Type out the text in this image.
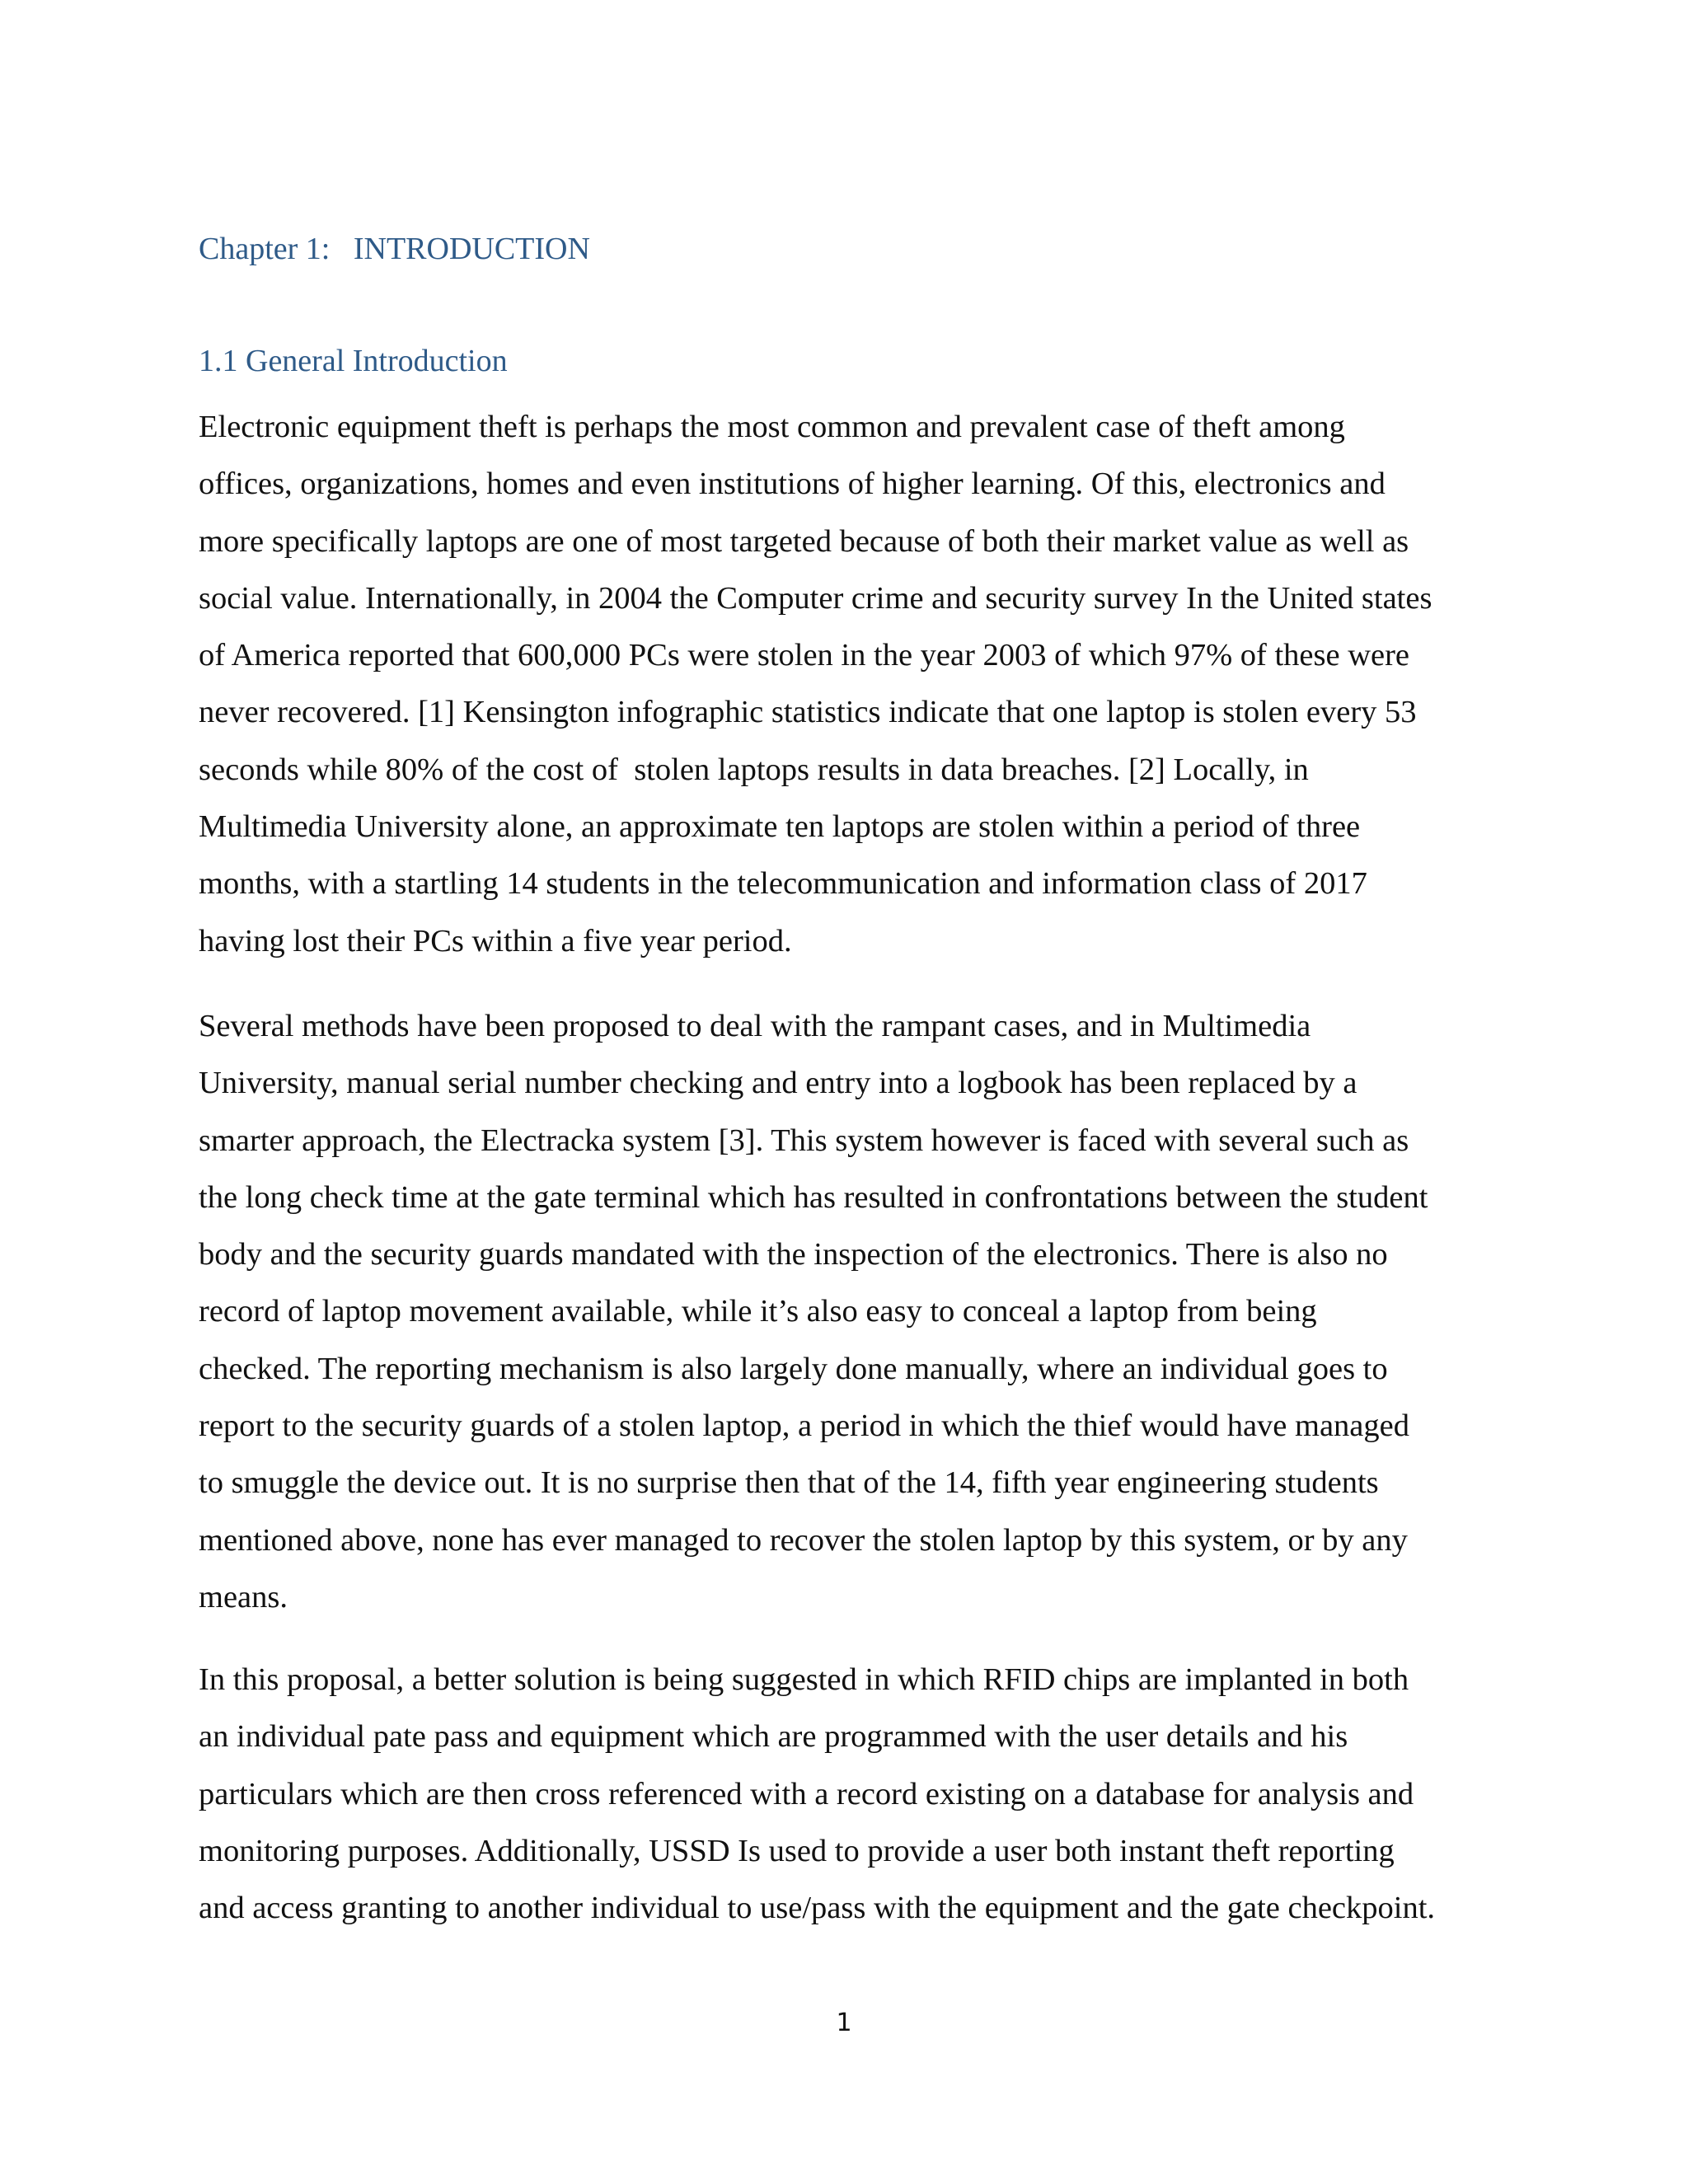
Chapter 1:   INTRODUCTION
1.1 General Introduction
Electronic equipment theft is perhaps the most common and prevalent case of theft among
offices, organizations, homes and even institutions of higher learning. Of this, electronics and
more specifically laptops are one of most targeted because of both their market value as well as
social value. Internationally, in 2004 the Computer crime and security survey In the United states
of America reported that 600,000 PCs were stolen in the year 2003 of which 97% of these were
never recovered. [1] Kensington infographic statistics indicate that one laptop is stolen every 53
seconds while 80% of the cost of  stolen laptops results in data breaches. [2] Locally, in
Multimedia University alone, an approximate ten laptops are stolen within a period of three
months, with a startling 14 students in the telecommunication and information class of 2017
having lost their PCs within a five year period.
Several methods have been proposed to deal with the rampant cases, and in Multimedia
University, manual serial number checking and entry into a logbook has been replaced by a
smarter approach, the Electracka system [3]. This system however is faced with several such as
the long check time at the gate terminal which has resulted in confrontations between the student
body and the security guards mandated with the inspection of the electronics. There is also no
record of laptop movement available, while it’s also easy to conceal a laptop from being
checked. The reporting mechanism is also largely done manually, where an individual goes to
report to the security guards of a stolen laptop, a period in which the thief would have managed
to smuggle the device out. It is no surprise then that of the 14, fifth year engineering students
mentioned above, none has ever managed to recover the stolen laptop by this system, or by any
means.
In this proposal, a better solution is being suggested in which RFID chips are implanted in both
an individual pate pass and equipment which are programmed with the user details and his
particulars which are then cross referenced with a record existing on a database for analysis and
monitoring purposes. Additionally, USSD Is used to provide a user both instant theft reporting
and access granting to another individual to use/pass with the equipment and the gate checkpoint.
1
